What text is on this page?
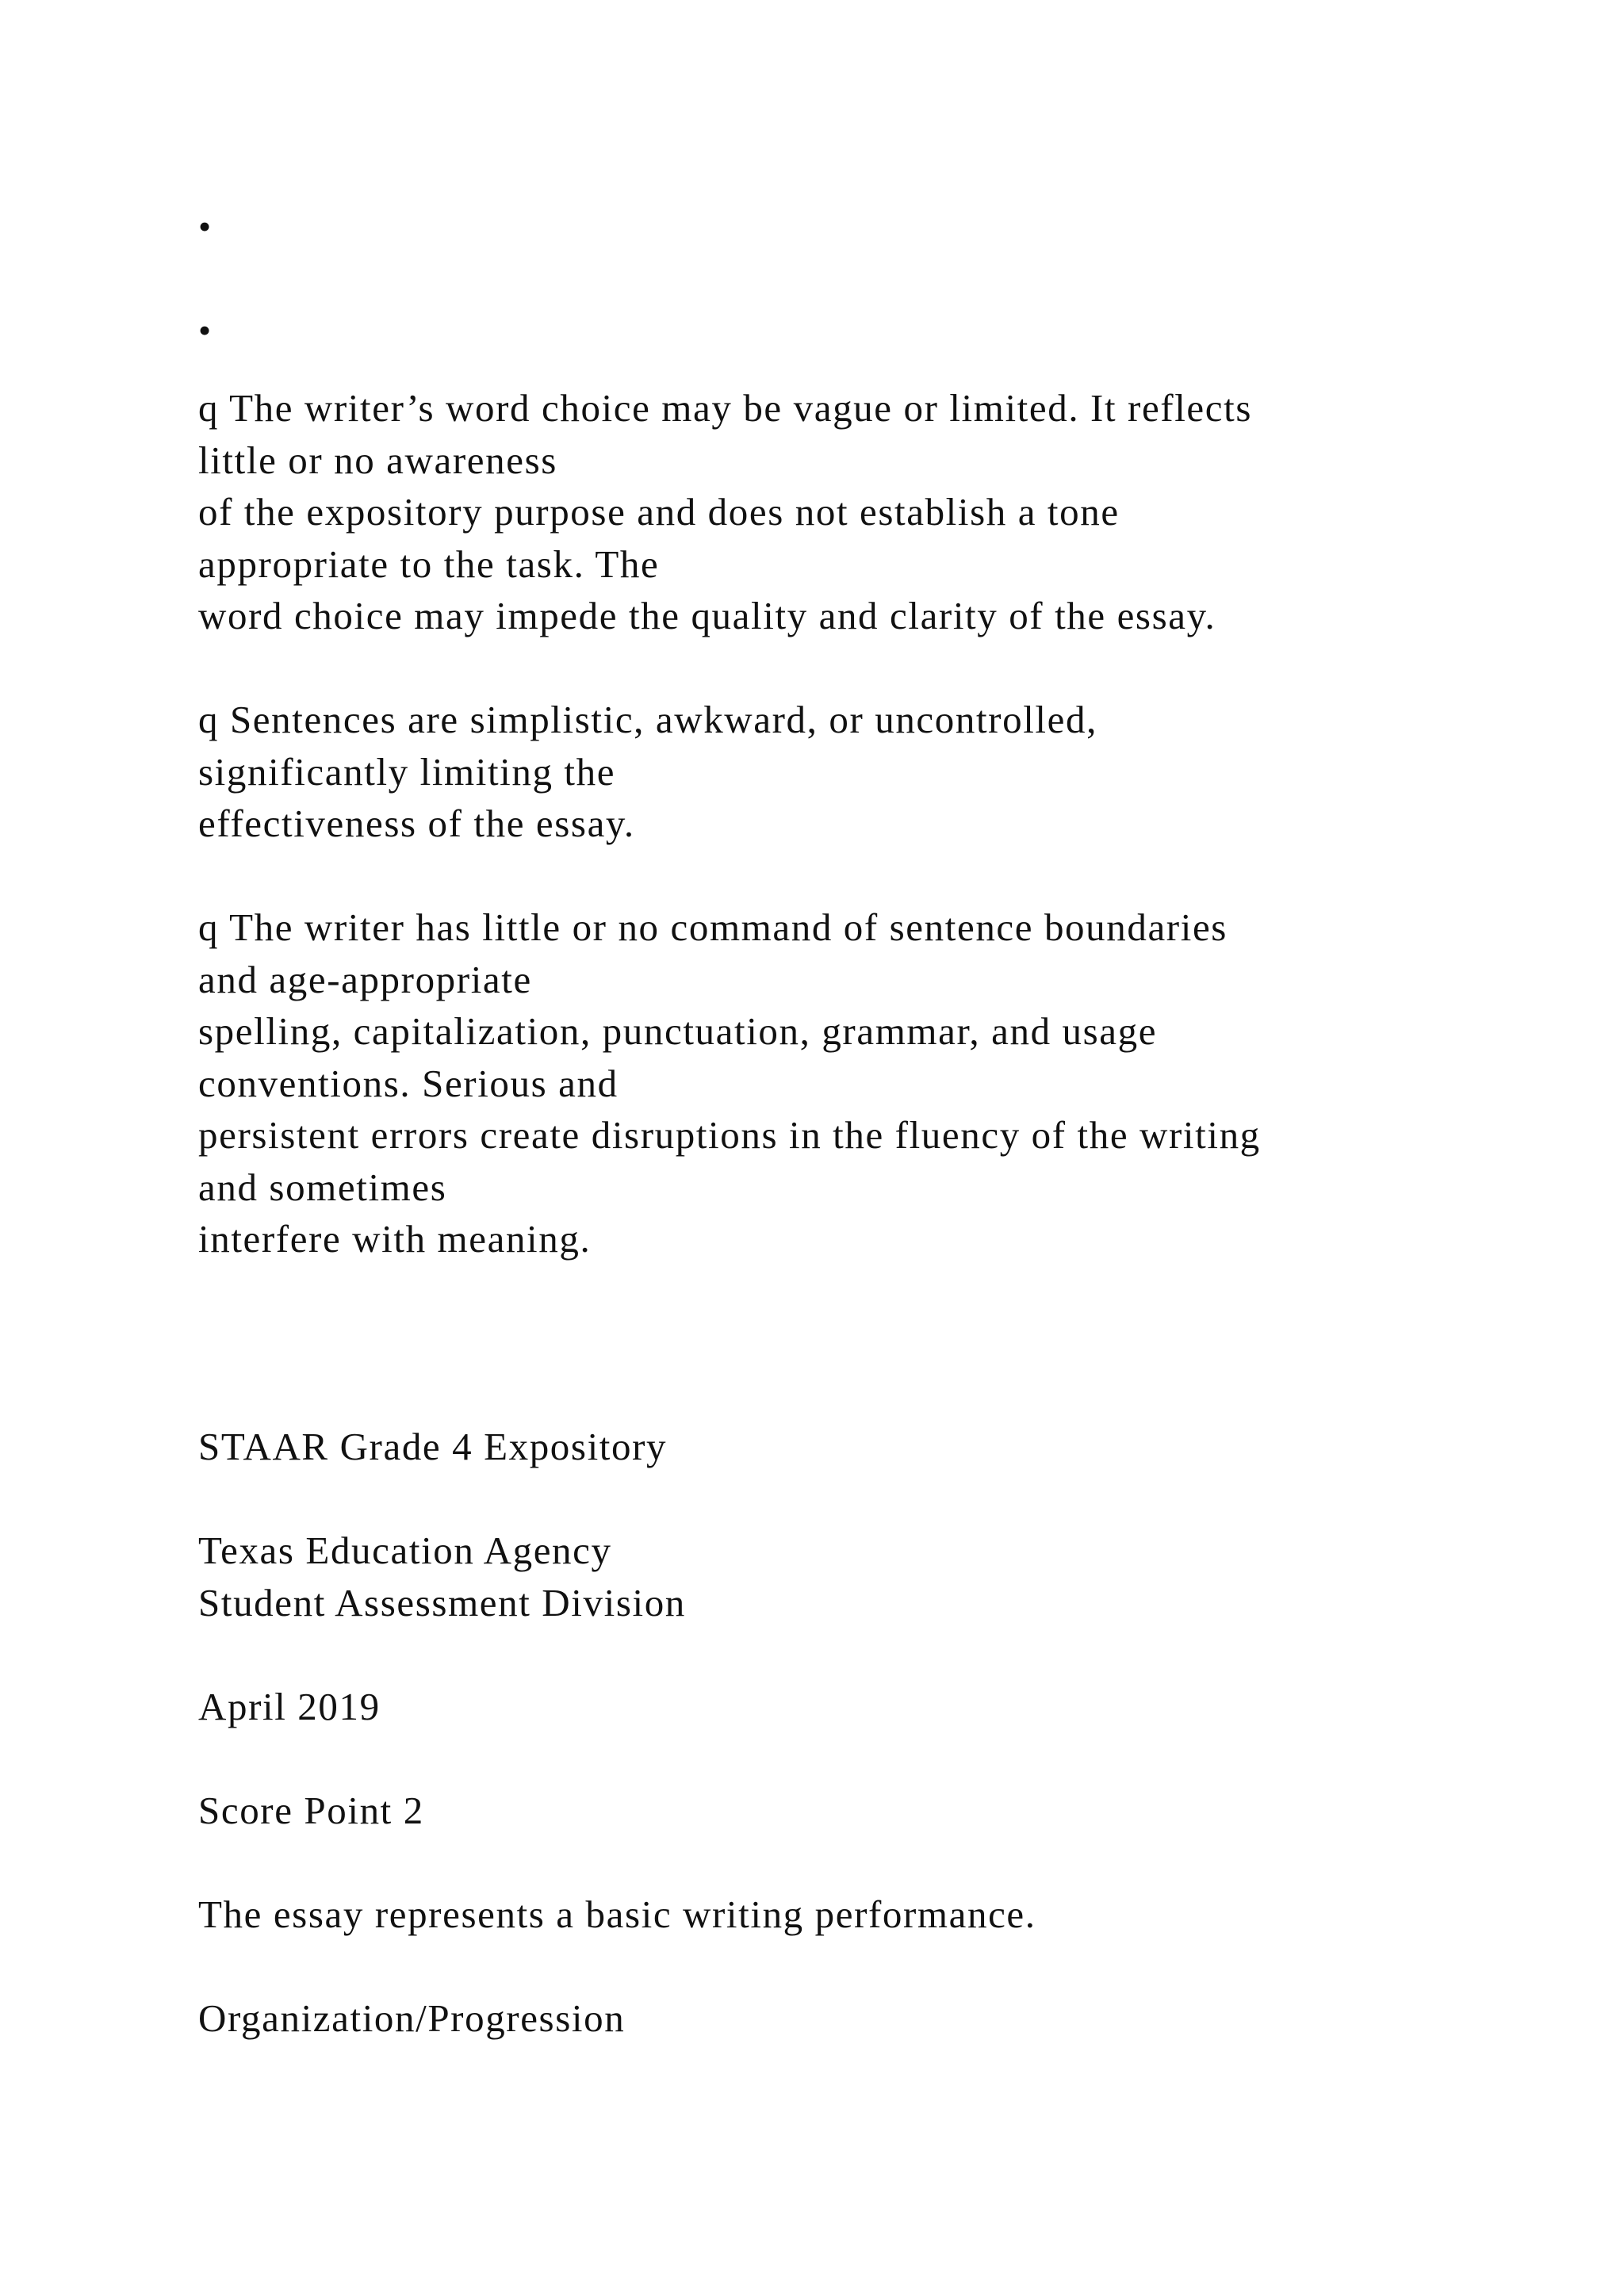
•
•
q The writer’s word choice may be vague or limited. It reflects
little or no awareness
of the expository purpose and does not establish a tone
appropriate to the task. The
word choice may impede the quality and clarity of the essay.
q Sentences are simplistic, awkward, or uncontrolled,
significantly limiting the
effectiveness of the essay.
q The writer has little or no command of sentence boundaries
and age-appropriate
spelling, capitalization, punctuation, grammar, and usage
conventions. Serious and
persistent errors create disruptions in the fluency of the writing
and sometimes
interfere with meaning.
STAAR Grade 4 Expository
Texas Education Agency
Student Assessment Division
April 2019
Score Point 2
The essay represents a basic writing performance.
Organization/Progression
